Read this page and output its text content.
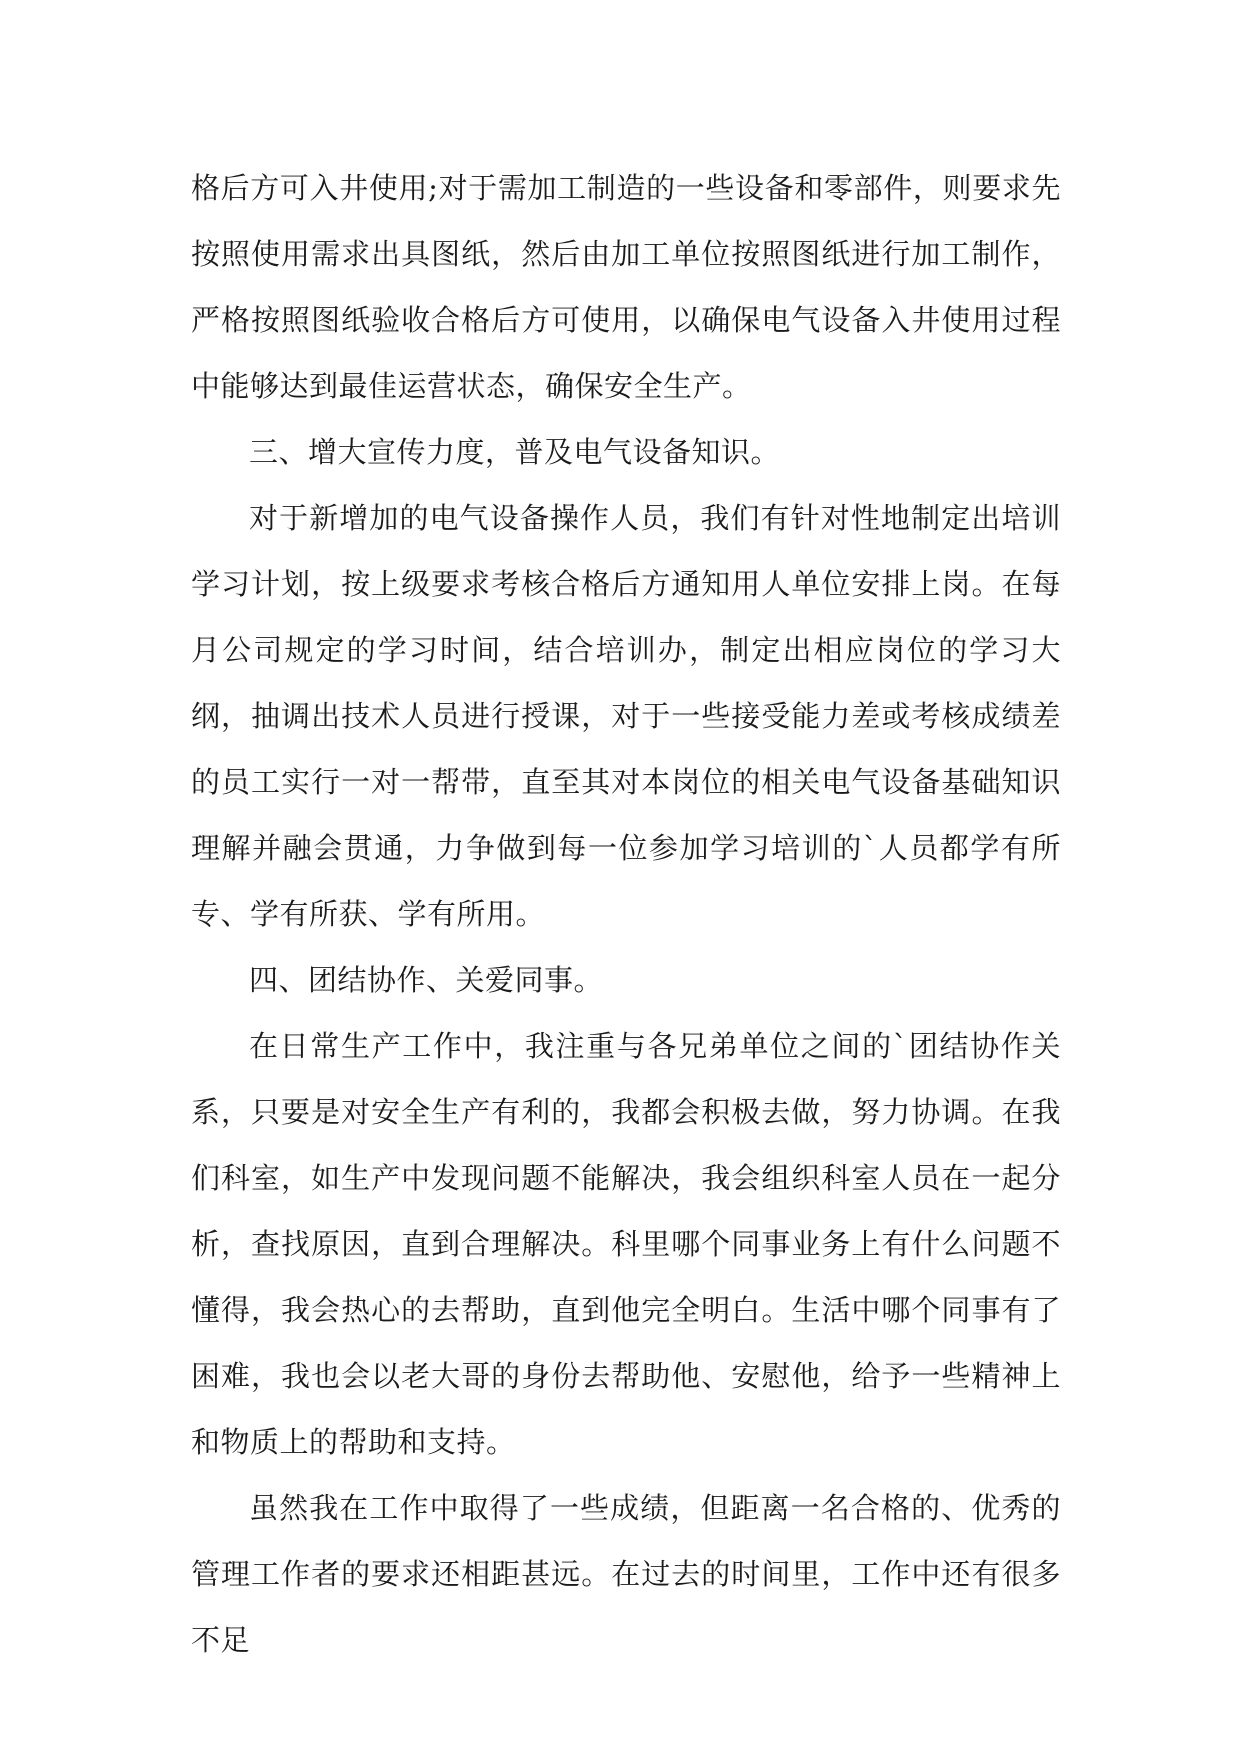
格后方可入井使用;对于需加工制造的一些设备和零部件，则要求先按照使用需求出具图纸，然后由加工单位按照图纸进行加工制作，严格按照图纸验收合格后方可使用，以确保电气设备入井使用过程中能够达到最佳运营状态，确保安全生产。

三、增大宣传力度，普及电气设备知识。

对于新增加的电气设备操作人员，我们有针对性地制定出培训学习计划，按上级要求考核合格后方通知用人单位安排上岗。在每月公司规定的学习时间，结合培训办，制定出相应岗位的学习大纲，抽调出技术人员进行授课，对于一些接受能力差或考核成绩差的员工实行一对一帮带，直至其对本岗位的相关电气设备基础知识理解并融会贯通，力争做到每一位参加学习培训的`人员都学有所专、学有所获、学有所用。

四、团结协作、关爱同事。

在日常生产工作中，我注重与各兄弟单位之间的`团结协作关系，只要是对安全生产有利的，我都会积极去做，努力协调。在我们科室，如生产中发现问题不能解决，我会组织科室人员在一起分析，查找原因，直到合理解决。科里哪个同事业务上有什么问题不懂得，我会热心的去帮助，直到他完全明白。生活中哪个同事有了困难，我也会以老大哥的身份去帮助他、安慰他，给予一些精神上和物质上的帮助和支持。

虽然我在工作中取得了一些成绩，但距离一名合格的、优秀的管理工作者的要求还相距甚远。在过去的时间里，工作中还有很多不足
